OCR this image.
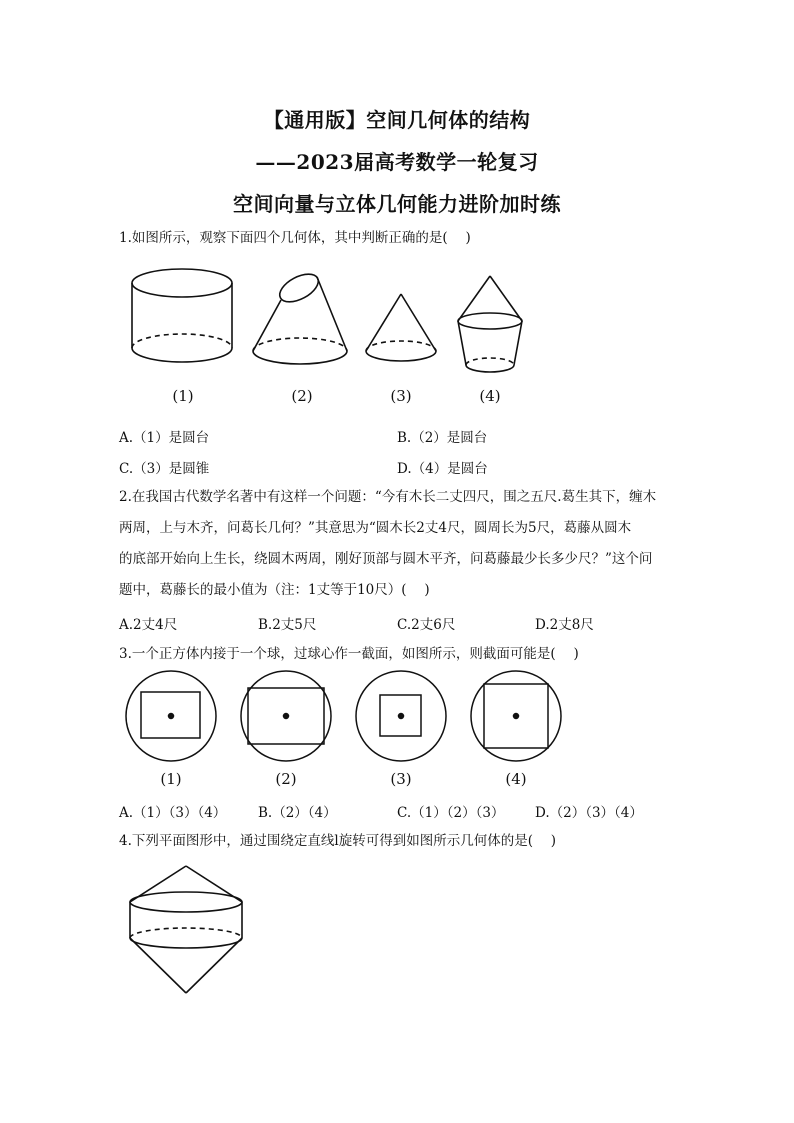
【通用版】空间几何体的结构
——2023届高考数学一轮复习
空间向量与立体几何能力进阶加时练
1.如图所示，观察下面四个几何体，其中判断正确的是(　 )
(1)	(2)	(3)	(4)
A.（1）是圆台	B.（2）是圆台
C.（3）是圆锥	D.（4）是圆台
2.在我国古代数学名著中有这样一个问题：“今有木长二丈四尺，围之五尺.葛生其下，缠木
两周，上与木齐，问葛长几何？”其意思为“圆木长2丈4尺，圆周长为5尺，葛藤从圆木
的底部开始向上生长，绕圆木两周，刚好顶部与圆木平齐，问葛藤最少长多少尺？”这个问
题中，葛藤长的最小值为（注：1丈等于10尺）(　 )
A.2丈4尺	B.2丈5尺	C.2丈6尺	D.2丈8尺
3.一个正方体内接于一个球，过球心作一截面，如图所示，则截面可能是(　 )
(1)	(2)	(3)	(4)
A.（1）（3）（4） B.（2）（4）	C.（1）（2）（3） D.（2）（3）（4）
4.下列平面图形中，通过围绕定直线l旋转可得到如图所示几何体的是(　 )
